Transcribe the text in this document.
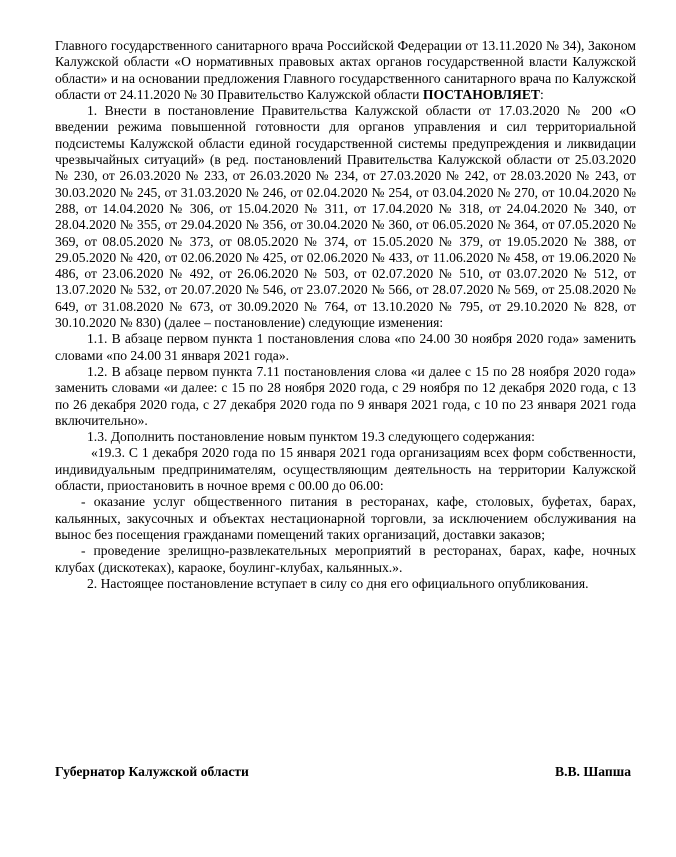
Главного государственного санитарного врача Российской Федерации от 13.11.2020 № 34), Законом Калужской области «О нормативных правовых актах органов государственной власти Калужской области» и на основании предложения Главного государственного санитарного врача по Калужской области от 24.11.2020 № 30 Правительство Калужской области ПОСТАНОВЛЯЕТ:

1. Внести в постановление Правительства Калужской области от 17.03.2020 № 200 «О введении режима повышенной готовности для органов управления и сил территориальной подсистемы Калужской области единой государственной системы предупреждения и ликвидации чрезвычайных ситуаций» (в ред. постановлений Правительства Калужской области от 25.03.2020 № 230, от 26.03.2020 № 233, от 26.03.2020 № 234, от 27.03.2020 № 242, от 28.03.2020 № 243, от 30.03.2020 № 245, от 31.03.2020 № 246, от 02.04.2020 № 254, от 03.04.2020 № 270, от 10.04.2020 № 288, от 14.04.2020 № 306, от 15.04.2020 № 311, от 17.04.2020 № 318, от 24.04.2020 № 340, от 28.04.2020 № 355, от 29.04.2020 № 356, от 30.04.2020 № 360, от 06.05.2020 № 364, от 07.05.2020 № 369, от 08.05.2020 № 373, от 08.05.2020 № 374, от 15.05.2020 № 379, от 19.05.2020 № 388, от 29.05.2020 № 420, от 02.06.2020 № 425, от 02.06.2020 № 433, от 11.06.2020 № 458, от 19.06.2020 № 486, от 23.06.2020 № 492, от 26.06.2020 № 503, от 02.07.2020 № 510, от 03.07.2020 № 512, от 13.07.2020 № 532, от 20.07.2020 № 546, от 23.07.2020 № 566, от 28.07.2020 № 569, от 25.08.2020 № 649, от 31.08.2020 № 673, от 30.09.2020 № 764, от 13.10.2020 № 795, от 29.10.2020 № 828, от 30.10.2020 № 830) (далее – постановление) следующие изменения:

1.1. В абзаце первом пункта 1 постановления слова «по 24.00 30 ноября 2020 года» заменить словами «по 24.00 31 января 2021 года».

1.2. В абзаце первом пункта 7.11 постановления слова «и далее с 15 по 28 ноября 2020 года» заменить словами «и далее: с 15 по 28 ноября 2020 года, с 29 ноября по 12 декабря 2020 года, с 13 по 26 декабря 2020 года, с 27 декабря 2020 года по 9 января 2021 года, с 10 по 23 января 2021 года включительно».

1.3. Дополнить постановление новым пунктом 19.3 следующего содержания:

«19.3. С 1 декабря 2020 года по 15 января 2021 года организациям всех форм собственности, индивидуальным предпринимателям, осуществляющим деятельность на территории Калужской области, приостановить в ночное время с 00.00 до 06.00:

- оказание услуг общественного питания в ресторанах, кафе, столовых, буфетах, барах, кальянных, закусочных и объектах нестационарной торговли, за исключением обслуживания на вынос без посещения гражданами помещений таких организаций, доставки заказов;

- проведение зрелищно-развлекательных мероприятий в ресторанах, барах, кафе, ночных клубах (дискотеках), караоке, боулинг-клубах, кальянных.».

2. Настоящее постановление вступает в силу со дня его официального опубликования.

Губернатор Калужской области	В.В. Шапша
